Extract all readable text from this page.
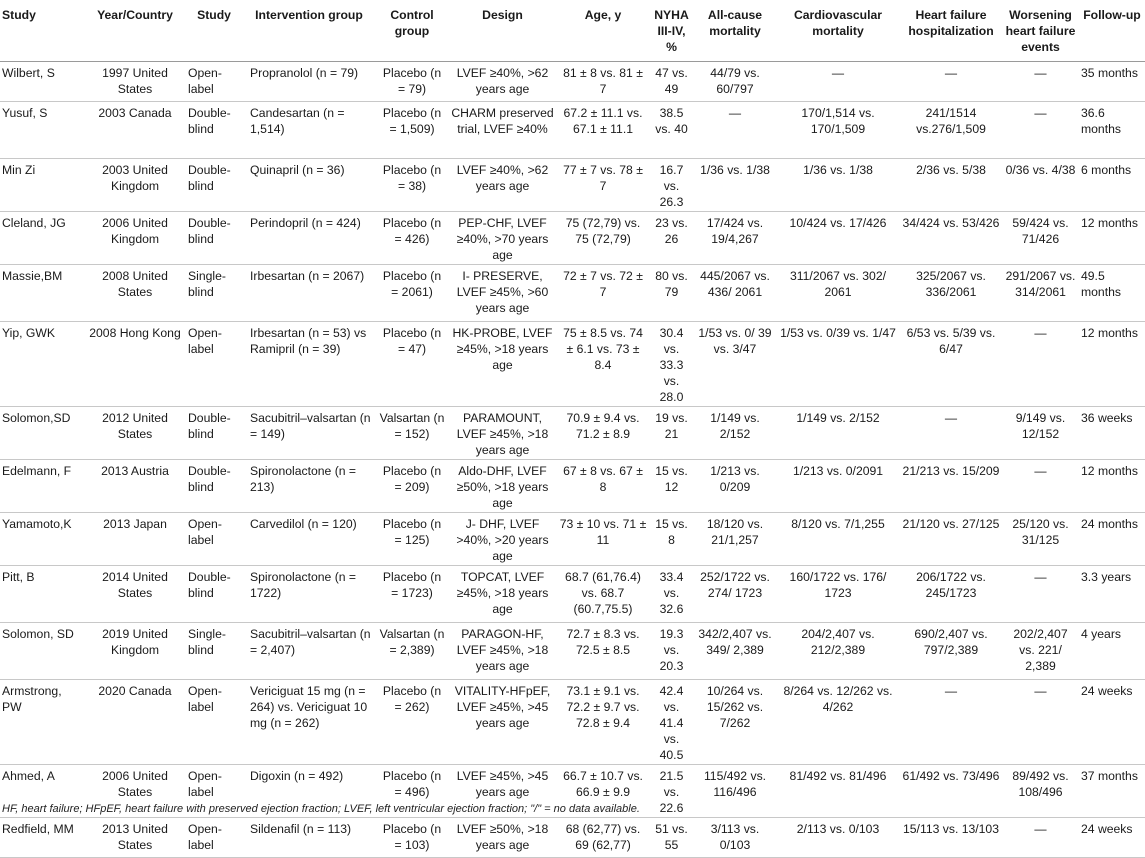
Study	Year/Country	Study	Intervention group	Control group	Design	Age, y	NYHA III-IV, %	All-cause mortality	Cardiovascular mortality	Heart failure hospitalization	Worsening heart failure events	Follow-up
Wilbert, S	1997 United States	Open-label	Propranolol (n = 79)	Placebo (n = 79)	LVEF ≥40%, >62 years age	81 ± 8 vs. 81 ± 7	47 vs. 49	44/79 vs. 60/797	—	—	—	35 months
Yusuf, S	2003 Canada	Double-blind	Candesartan (n = 1,514)	Placebo (n = 1,509)	CHARM preserved trial, LVEF ≥40%	67.2 ± 11.1 vs. 67.1 ± 11.1	38.5 vs. 40	—	170/1,514 vs. 170/1,509	241/1514 vs.276/1,509	—	36.6 months
Min Zi	2003 United Kingdom	Double-blind	Quinapril (n = 36)	Placebo (n = 38)	LVEF ≥40%, >62 years age	77 ± 7 vs. 78 ± 7	16.7 vs. 26.3	1/36 vs. 1/38	1/36 vs. 1/38	2/36 vs. 5/38	0/36 vs. 4/38	6 months
Cleland, JG	2006 United Kingdom	Double-blind	Perindopril (n = 424)	Placebo (n = 426)	PEP-CHF, LVEF ≥40%, >70 years age	75 (72,79) vs. 75 (72,79)	23 vs. 26	17/424 vs. 19/4,267	10/424 vs. 17/426	34/424 vs. 53/426	59/424 vs. 71/426	12 months
Massie,BM	2008 United States	Single-blind	Irbesartan (n = 2067)	Placebo (n = 2061)	I- PRESERVE, LVEF ≥45%, >60 years age	72 ± 7 vs. 72 ± 7	80 vs. 79	445/2067 vs. 436/ 2061	311/2067 vs. 302/ 2061	325/2067 vs. 336/2061	291/2067 vs. 314/2061	49.5 months
Yip, GWK	2008 Hong Kong	Open-label	Irbesartan (n = 53) vs Ramipril (n = 39)	Placebo (n = 47)	HK-PROBE, LVEF ≥45%, >18 years age	75 ± 8.5 vs. 74 ± 6.1 vs. 73 ± 8.4	30.4 vs. 33.3 vs. 28.0	1/53 vs. 0/ 39 vs. 3/47	1/53 vs. 0/39 vs. 1/47	6/53 vs. 5/39 vs. 6/47	—	12 months
Solomon,SD	2012 United States	Double-blind	Sacubitril–valsartan (n = 149)	Valsartan (n = 152)	PARAMOUNT, LVEF ≥45%, >18 years age	70.9 ± 9.4 vs. 71.2 ± 8.9	19 vs. 21	1/149 vs. 2/152	1/149 vs. 2/152	—	9/149 vs. 12/152	36 weeks
Edelmann, F	2013 Austria	Double-blind	Spironolactone (n = 213)	Placebo (n = 209)	Aldo-DHF, LVEF ≥50%, >18 years age	67 ± 8 vs. 67 ± 8	15 vs. 12	1/213 vs. 0/209	1/213 vs. 0/2091	21/213 vs. 15/209	—	12 months
Yamamoto,K	2013 Japan	Open-label	Carvedilol (n = 120)	Placebo (n = 125)	J- DHF, LVEF >40%, >20 years age	73 ± 10 vs. 71 ± 11	15 vs. 8	18/120 vs. 21/1,257	8/120 vs. 7/1,255	21/120 vs. 27/125	25/120 vs. 31/125	24 months
Pitt, B	2014 United States	Double-blind	Spironolactone (n = 1722)	Placebo (n = 1723)	TOPCAT, LVEF ≥45%, >18 years age	68.7 (61,76.4) vs. 68.7 (60.7,75.5)	33.4 vs. 32.6	252/1722 vs. 274/ 1723	160/1722 vs. 176/ 1723	206/1722 vs. 245/1723	—	3.3 years
Solomon, SD	2019 United Kingdom	Single-blind	Sacubitril–valsartan (n = 2,407)	Valsartan (n = 2,389)	PARAGON-HF, LVEF ≥45%, >18 years age	72.7 ± 8.3 vs. 72.5 ± 8.5	19.3 vs. 20.3	342/2,407 vs. 349/ 2,389	204/2,407 vs. 212/2,389	690/2,407 vs. 797/2,389	202/2,407 vs. 221/ 2,389	4 years
Armstrong, PW	2020 Canada	Open-label	Vericiguat 15 mg (n = 264) vs. Vericiguat 10 mg (n = 262)	Placebo (n = 262)	VITALITY-HFpEF, LVEF ≥45%, >45 years age	73.1 ± 9.1 vs. 72.2 ± 9.7 vs. 72.8 ± 9.4	42.4 vs. 41.4 vs. 40.5	10/264 vs. 15/262 vs. 7/262	8/264 vs. 12/262 vs. 4/262	—	—	24 weeks
Ahmed, A	2006 United States	Open-label	Digoxin (n = 492)	Placebo (n = 496)	LVEF ≥45%, >45 years age	66.7 ± 10.7 vs. 66.9 ± 9.9	21.5 vs. 22.6	115/492 vs. 116/496	81/492 vs. 81/496	61/492 vs. 73/496	89/492 vs. 108/496	37 months
Redfield, MM	2013 United States	Open-label	Sildenafil (n = 113)	Placebo (n = 103)	LVEF ≥50%, >18 years age	68 (62,77) vs. 69 (62,77)	51 vs. 55	3/113 vs. 0/103	2/113 vs. 0/103	15/113 vs. 13/103	—	24 weeks
HF, heart failure; HFpEF, heart failure with preserved ejection fraction; LVEF, left ventricular ejection fraction; "/" = no data available.
